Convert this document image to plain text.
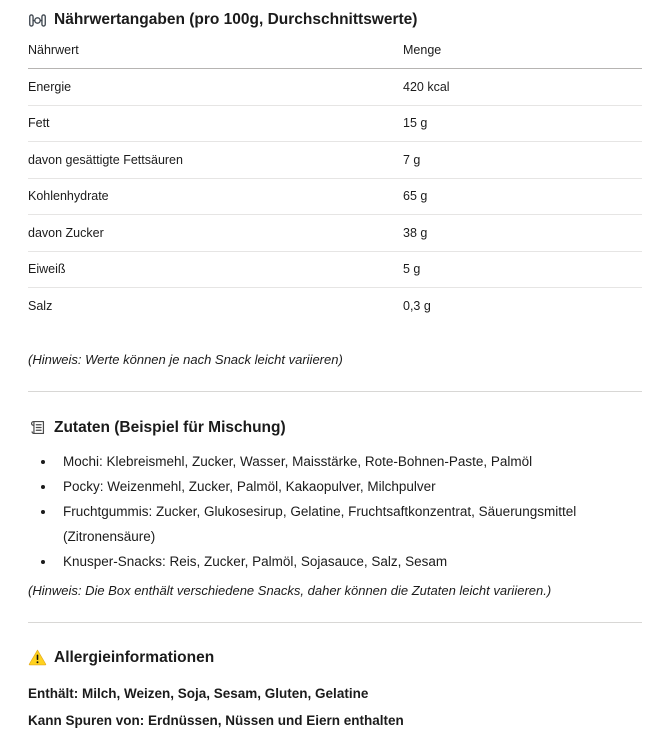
Nährwertangaben (pro 100g, Durchschnittswerte)
Nährwert	Menge
Energie	420 kcal
Fett	15 g
davon gesättigte Fettsäuren	7 g
Kohlenhydrate	65 g
davon Zucker	38 g
Eiweiß	5 g
Salz	0,3 g

(Hinweis: Werte können je nach Snack leicht variieren)

Zutaten (Beispiel für Mischung)
• Mochi: Klebreismehl, Zucker, Wasser, Maisstärke, Rote-Bohnen-Paste, Palmöl
• Pocky: Weizenmehl, Zucker, Palmöl, Kakaopulver, Milchpulver
• Fruchtgummis: Zucker, Glukosesirup, Gelatine, Fruchtsaftkonzentrat, Säuerungsmittel (Zitronensäure)
• Knusper-Snacks: Reis, Zucker, Palmöl, Sojasauce, Salz, Sesam

(Hinweis: Die Box enthält verschiedene Snacks, daher können die Zutaten leicht variieren.)

Allergieinformationen

Enthält: Milch, Weizen, Soja, Sesam, Gluten, Gelatine

Kann Spuren von: Erdnüssen, Nüssen und Eiern enthalten
